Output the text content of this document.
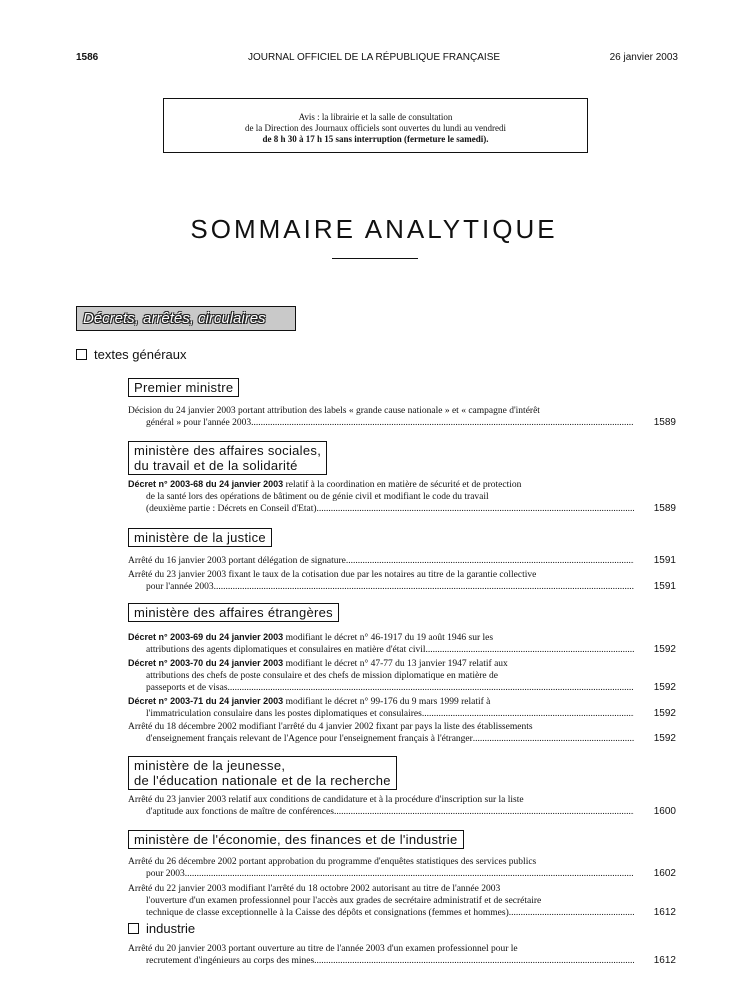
1586	JOURNAL OFFICIEL DE LA RÉPUBLIQUE FRANÇAISE	26 janvier 2003
Avis : la librairie et la salle de consultation
de la Direction des Journaux officiels sont ouvertes du lundi au vendredi
de 8 h 30 à 17 h 15 sans interruption (fermeture le samedi).
SOMMAIRE ANALYTIQUE
Décrets, arrêtés, circulaires
textes généraux
Premier ministre
Décision du 24 janvier 2003 portant attribution des labels « grande cause nationale » et « campagne d'intérêt
général » pour l'année 2003 .....	1589
ministère des affaires sociales,
du travail et de la solidarité
Décret n° 2003-68 du 24 janvier 2003 relatif à la coordination en matière de sécurité et de protection
de la santé lors des opérations de bâtiment ou de génie civil et modifiant le code du travail
(deuxième partie : Décrets en Conseil d'Etat) .....	1589
ministère de la justice
Arrêté du 16 janvier 2003 portant délégation de signature .....	1591
Arrêté du 23 janvier 2003 fixant le taux de la cotisation due par les notaires au titre de la garantie collective
pour l'année 2003 .....	1591
ministère des affaires étrangères
Décret n° 2003-69 du 24 janvier 2003 modifiant le décret n° 46-1917 du 19 août 1946 sur les
attributions des agents diplomatiques et consulaires en matière d'état civil .....	1592
Décret n° 2003-70 du 24 janvier 2003 modifiant le décret n° 47-77 du 13 janvier 1947 relatif aux
attributions des chefs de poste consulaire et des chefs de mission diplomatique en matière de
passeports et de visas .....	1592
Décret n° 2003-71 du 24 janvier 2003 modifiant le décret n° 99-176 du 9 mars 1999 relatif à
l'immatriculation consulaire dans les postes diplomatiques et consulaires .....	1592
Arrêté du 18 décembre 2002 modifiant l'arrêté du 4 janvier 2002 fixant par pays la liste des établissements
d'enseignement français relevant de l'Agence pour l'enseignement français à l'étranger .....	1592
ministère de la jeunesse,
de l'éducation nationale et de la recherche
Arrêté du 23 janvier 2003 relatif aux conditions de candidature et à la procédure d'inscription sur la liste
d'aptitude aux fonctions de maître de conférences .....	1600
ministère de l'économie, des finances et de l'industrie
Arrêté du 26 décembre 2002 portant approbation du programme d'enquêtes statistiques des services publics
pour 2003 .....	1602
Arrêté du 22 janvier 2003 modifiant l'arrêté du 18 octobre 2002 autorisant au titre de l'année 2003
l'ouverture d'un examen professionnel pour l'accès aux grades de secrétaire administratif et de secrétaire
technique de classe exceptionnelle à la Caisse des dépôts et consignations (femmes et hommes) .....	1612
industrie
Arrêté du 20 janvier 2003 portant ouverture au titre de l'année 2003 d'un examen professionnel pour le
recrutement d'ingénieurs au corps des mines .....	1612
